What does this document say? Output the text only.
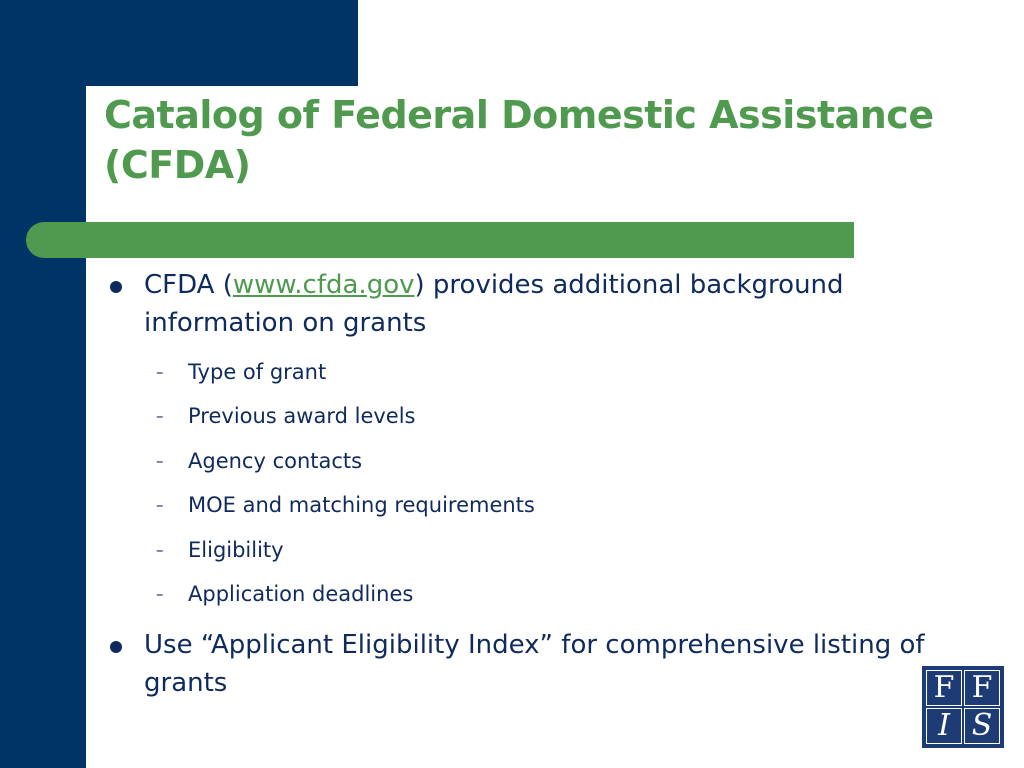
Catalog of Federal Domestic Assistance (CFDA)
CFDA (www.cfda.gov) provides additional background information on grants
– Type of grant
– Previous award levels
– Agency contacts
– MOE and matching requirements
– Eligibility
– Application deadlines
Use “Applicant Eligibility Index” for comprehensive listing of grants	F F
I S
